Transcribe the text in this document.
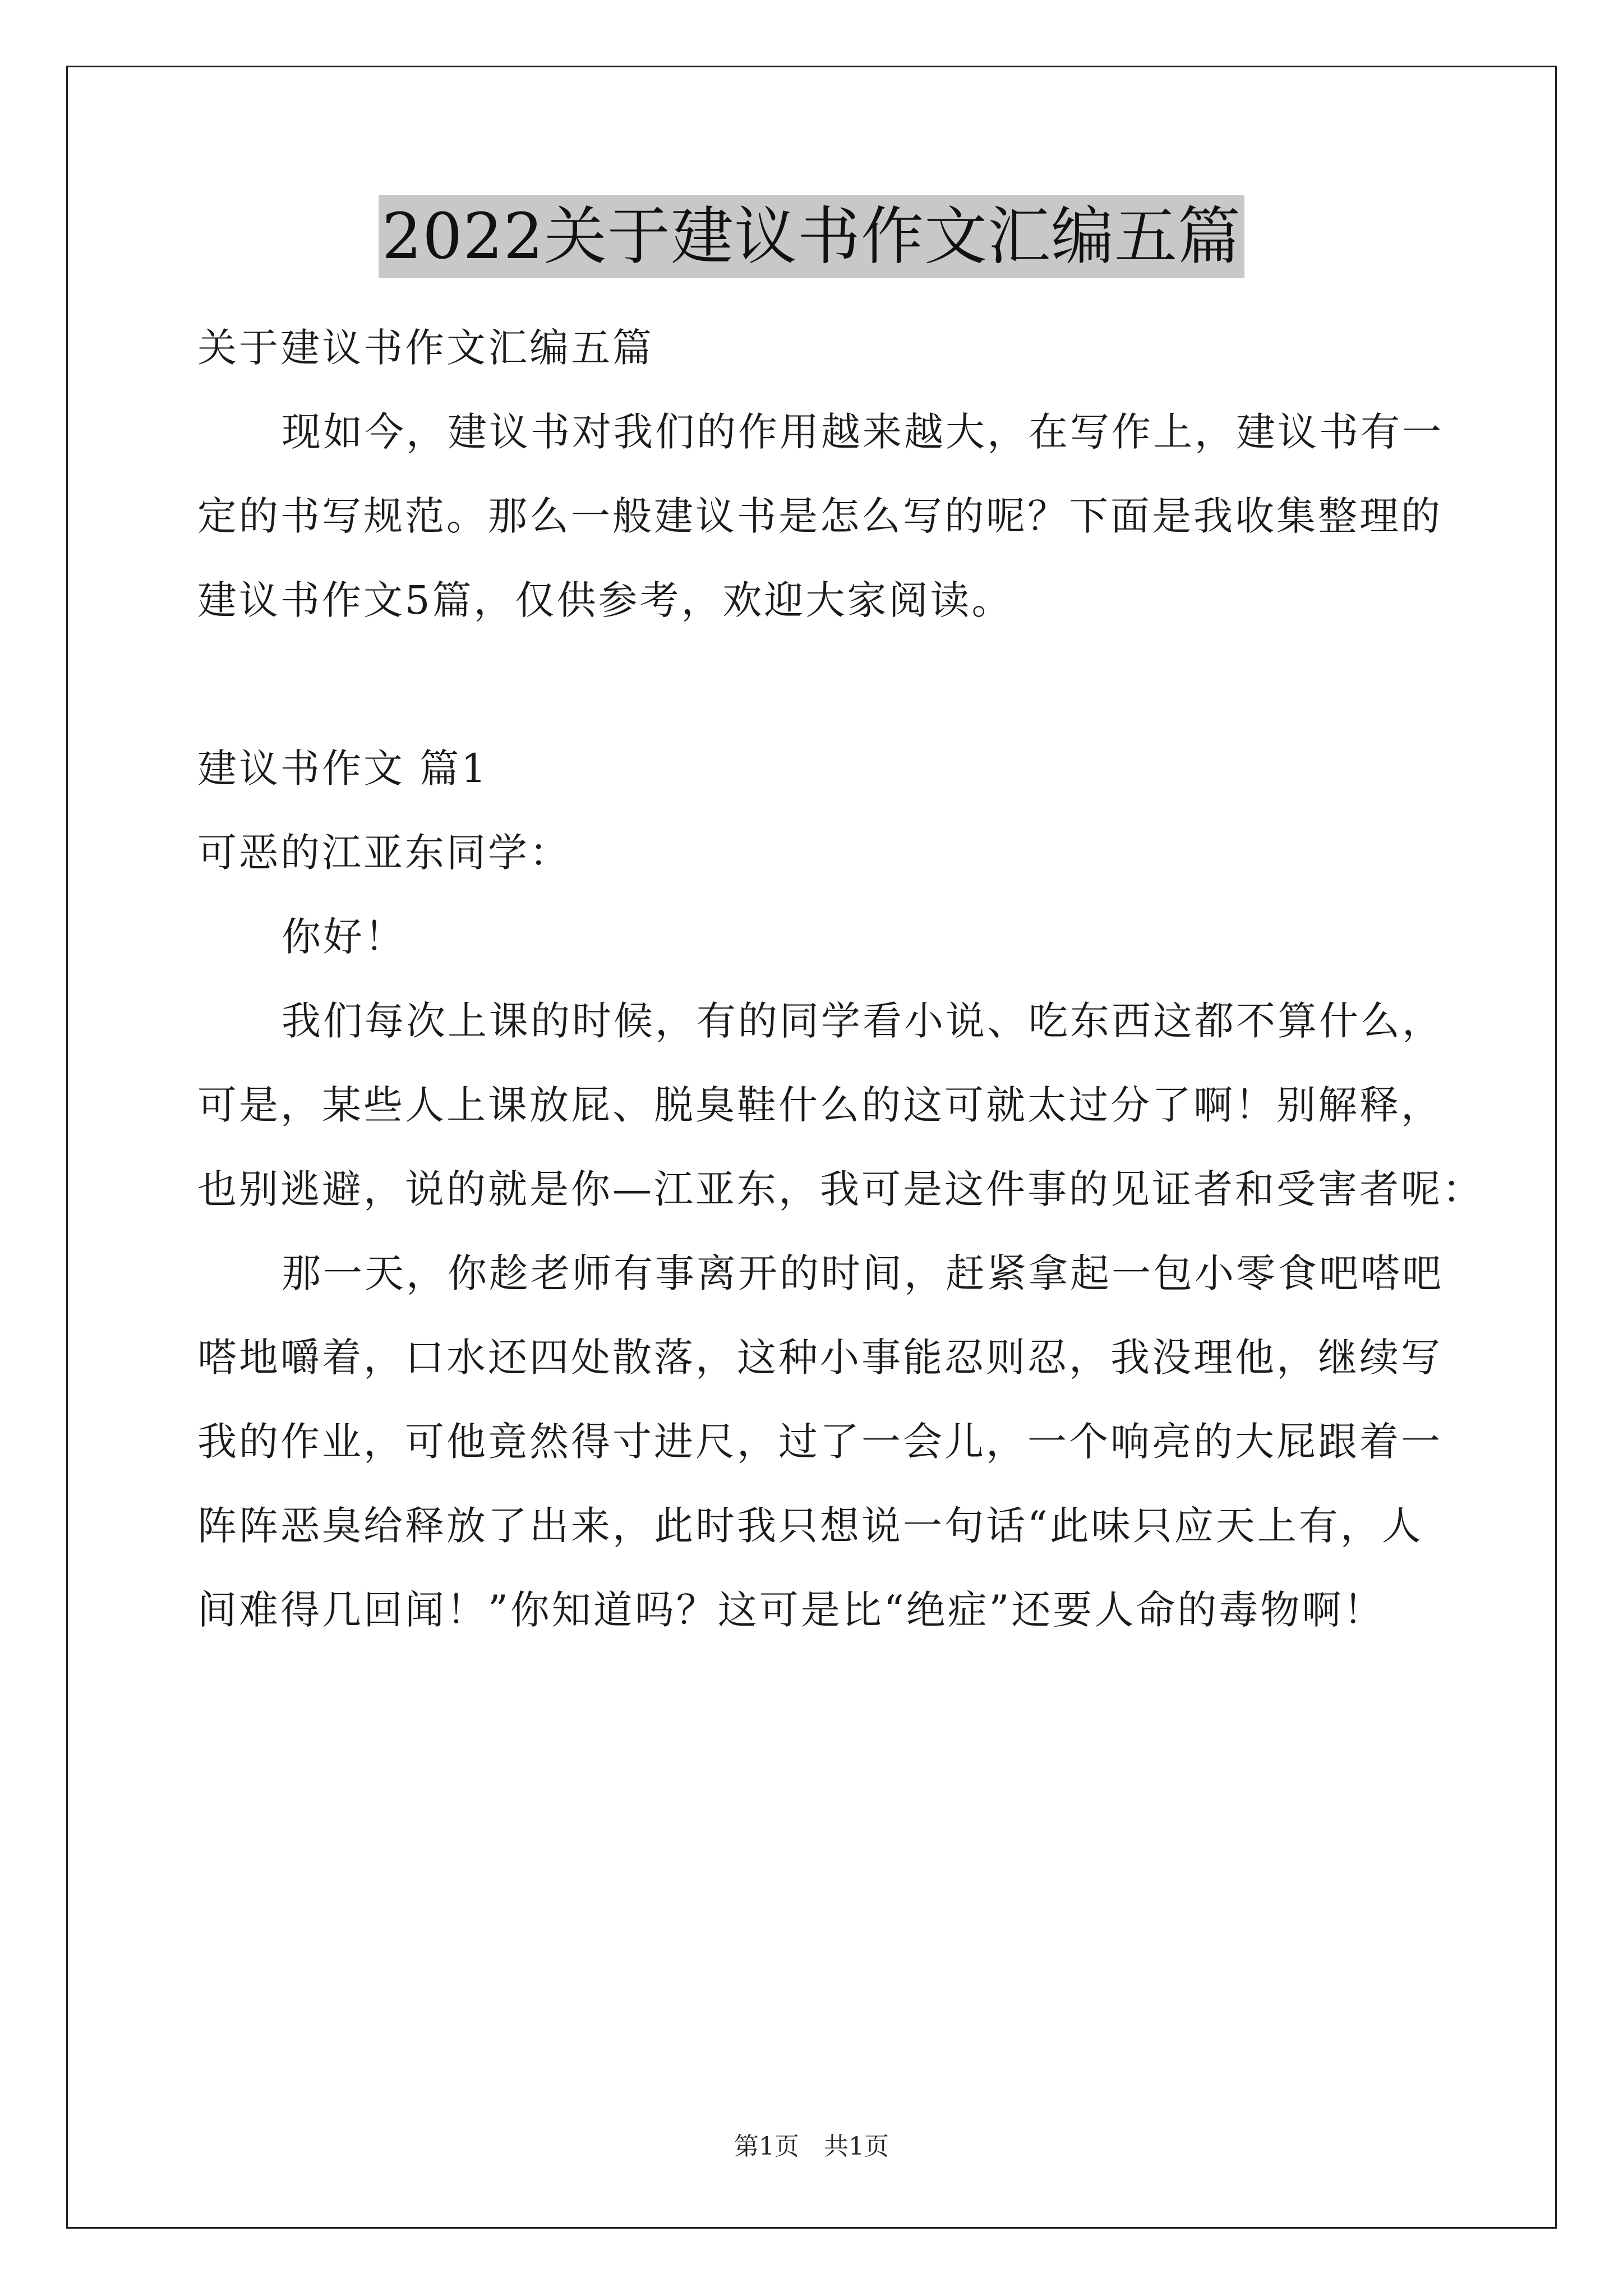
2022关于建议书作文汇编五篇
关于建议书作文汇编五篇
现如今，建议书对我们的作用越来越大，在写作上，建议书有一
定的书写规范。那么一般建议书是怎么写的呢？下面是我收集整理的
建议书作文5篇，仅供参考，欢迎大家阅读。
建议书作文 篇1
可恶的江亚东同学：
你好！
我们每次上课的时候，有的同学看小说、吃东西这都不算什么，
可是，某些人上课放屁、脱臭鞋什么的这可就太过分了啊！别解释，
也别逃避，说的就是你—江亚东，我可是这件事的见证者和受害者呢：
那一天，你趁老师有事离开的时间，赶紧拿起一包小零食吧嗒吧
嗒地嚼着，口水还四处散落，这种小事能忍则忍，我没理他，继续写
我的作业，可他竟然得寸进尺，过了一会儿，一个响亮的大屁跟着一
阵阵恶臭给释放了出来，此时我只想说一句话“此味只应天上有，人
间难得几回闻！”你知道吗？这可是比“绝症”还要人命的毒物啊！
第1页　共1页
